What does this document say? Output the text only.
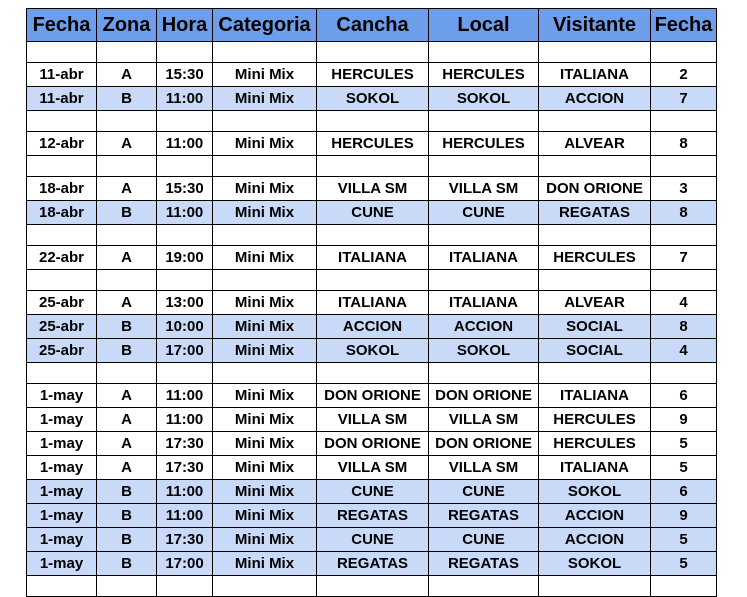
Fecha	Zona	Hora	Categoria	Cancha	Local	Visitante	Fecha

11-abr	A	15:30	Mini Mix	HERCULES	HERCULES	ITALIANA	2
11-abr	B	11:00	Mini Mix	SOKOL	SOKOL	ACCION	7

12-abr	A	11:00	Mini Mix	HERCULES	HERCULES	ALVEAR	8

18-abr	A	15:30	Mini Mix	VILLA SM	VILLA SM	DON ORIONE	3
18-abr	B	11:00	Mini Mix	CUNE	CUNE	REGATAS	8

22-abr	A	19:00	Mini Mix	ITALIANA	ITALIANA	HERCULES	7

25-abr	A	13:00	Mini Mix	ITALIANA	ITALIANA	ALVEAR	4
25-abr	B	10:00	Mini Mix	ACCION	ACCION	SOCIAL	8
25-abr	B	17:00	Mini Mix	SOKOL	SOKOL	SOCIAL	4

1-may	A	11:00	Mini Mix	DON ORIONE	DON ORIONE	ITALIANA	6
1-may	A	11:00	Mini Mix	VILLA SM	VILLA SM	HERCULES	9
1-may	A	17:30	Mini Mix	DON ORIONE	DON ORIONE	HERCULES	5
1-may	A	17:30	Mini Mix	VILLA SM	VILLA SM	ITALIANA	5
1-may	B	11:00	Mini Mix	CUNE	CUNE	SOKOL	6
1-may	B	11:00	Mini Mix	REGATAS	REGATAS	ACCION	9
1-may	B	17:30	Mini Mix	CUNE	CUNE	ACCION	5
1-may	B	17:00	Mini Mix	REGATAS	REGATAS	SOKOL	5
